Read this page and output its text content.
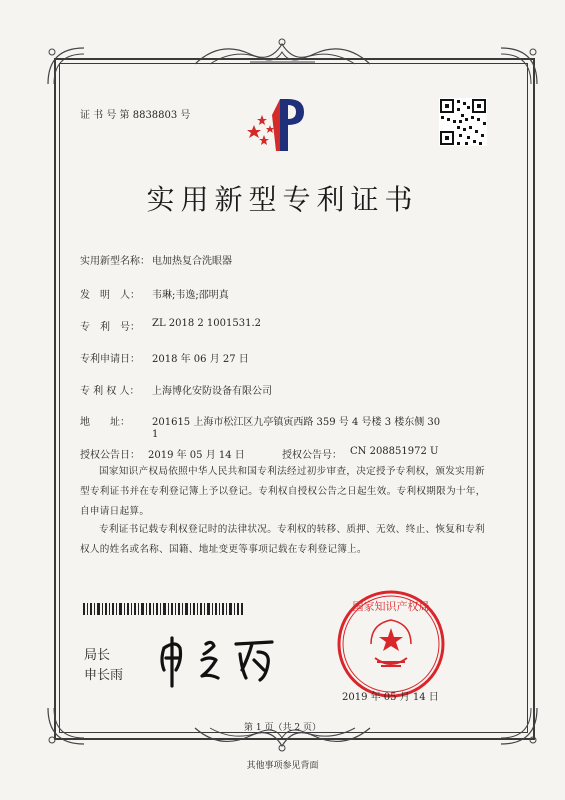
证 书 号 第 8838803 号
实用新型专利证书
实用新型名称： 电加热复合洗眼器
发　明　人： 韦琳;韦逸;邵明真
专　利　号： ZL 2018 2 1001531.2
专利申请日： 2018 年 06 月 27 日
专 利 权 人： 上海博化安防设备有限公司
地　　址： 201615 上海市松江区九亭镇寅西路 359 号 4 号楼 3 楼东侧 30
1
授权公告日： 2019 年 05 月 14 日	授权公告号： CN 208851972 U
国家知识产权局依照中华人民共和国专利法经过初步审查，决定授予专利权，颁发实用新型专利证书并在专利登记簿上予以登记。专利权自授权公告之日起生效。专利权期限为十年，自申请日起算。
专利证书记载专利权登记时的法律状况。专利权的转移、质押、无效、终止、恢复和专利权人的姓名或名称、国籍、地址变更等事项记载在专利登记簿上。
局长
申长雨
国家知识产权局
2019 年 05 月 14 日
第 1 页（共 2 页）
其他事项参见背面
